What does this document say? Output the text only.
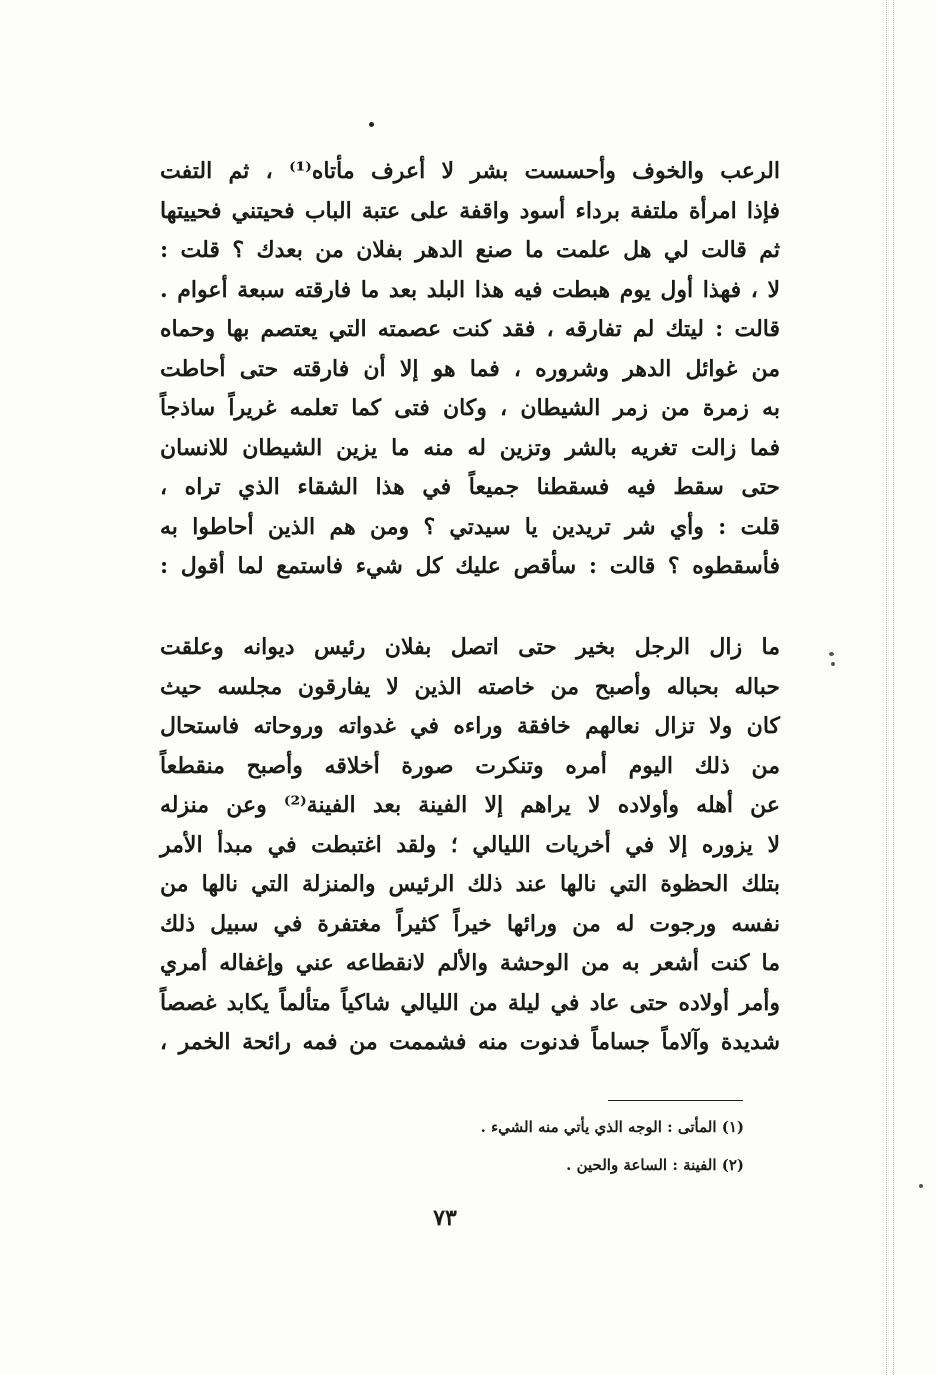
الرعب والخوف وأحسست بشر لا أعرف مأتاه⁽¹⁾ ، ثم التفت
فإذا امرأة ملتفة برداء أسود واقفة على عتبة الباب فحيتني فحييتها
ثم قالت لي هل علمت ما صنع الدهر بفلان من بعدك ؟ قلت :
لا ، فهذا أول يوم هبطت فيه هذا البلد بعد ما فارقته سبعة أعوام .
قالت : ليتك لم تفارقه ، فقد كنت عصمته التي يعتصم بها وحماه
من غوائل الدهر وشروره ، فما هو إلا أن فارقته حتى أحاطت
به زمرة من زمر الشيطان ، وكان فتى كما تعلمه غريراً ساذجاً
فما زالت تغريه بالشر وتزين له منه ما يزين الشيطان للانسان
حتى سقط فيه فسقطنا جميعاً في هذا الشقاء الذي تراه ،
قلت : وأي شر تريدين يا سيدتي ؟ ومن هم الذين أحاطوا به
فأسقطوه ؟ قالت : سأقص عليك كل شيء فاستمع لما أقول :
ما زال الرجل بخير حتى اتصل بفلان رئيس ديوانه وعلقت
حباله بحباله وأصبح من خاصته الذين لا يفارقون مجلسه حيث
كان ولا تزال نعالهم خافقة وراءه في غدواته وروحاته فاستحال
من ذلك اليوم أمره وتنكرت صورة أخلاقه وأصبح منقطعاً
عن أهله وأولاده لا يراهم إلا الفينة بعد الفينة⁽²⁾ وعن منزله
لا يزوره إلا في أخريات الليالي ؛ ولقد اغتبطت في مبدأ الأمر
بتلك الحظوة التي نالها عند ذلك الرئيس والمنزلة التي نالها من
نفسه ورجوت له من ورائها خيراً كثيراً مغتفرة في سبيل ذلك
ما كنت أشعر به من الوحشة والألم لانقطاعه عني وإغفاله أمري
وأمر أولاده حتى عاد في ليلة من الليالي شاكياً متألماً يكابد غصصاً
شديدة وآلاماً جساماً فدنوت منه فشممت من فمه رائحة الخمر ،
(١) المأتى : الوجه الذي يأتي منه الشيء .
(٢) الفينة : الساعة والحين .
٧٣
